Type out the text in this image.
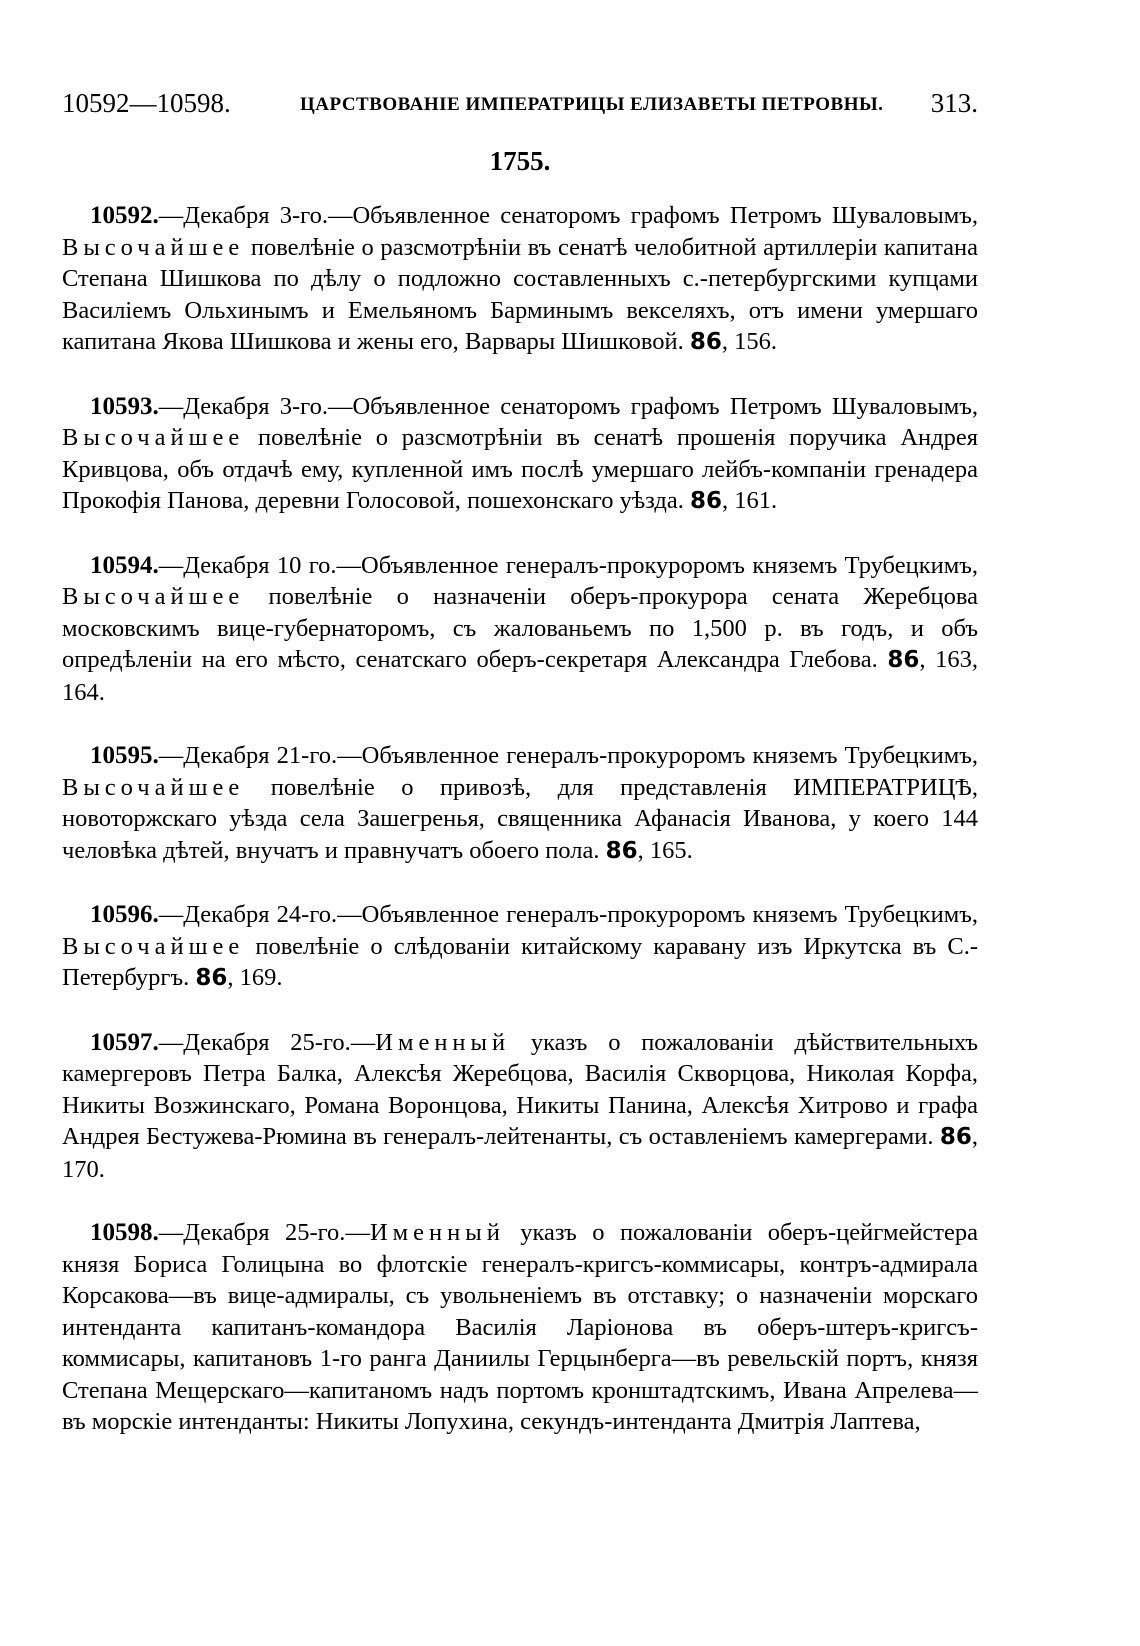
10592—10598.	ЦАРСТВОВАНІЕ ИМПЕРАТРИЦЫ ЕЛИЗАВЕТЫ ПЕТРОВНЫ. 313.
1755.

10592.—Декабря 3-го.—Объявленное сенаторомъ графомъ Петромъ Шуваловымъ, Высочайшее повелѣніе о разсмотрѣніи въ сенатѣ челобитной артиллеріи капитана Степана Шишкова по дѣлу о подложно составленныхъ с.-петербургскими купцами Василіемъ Ольхинымъ и Емельяномъ Барминымъ векселяхъ, отъ имени умершаго капитана Якова Шишкова и жены его, Варвары Шишковой. 86, 156.

10593.—Декабря 3-го.—Объявленное сенаторомъ графомъ Петромъ Шуваловымъ, Высочайшее повелѣніе о разсмотрѣніи въ сенатѣ прошенія поручика Андрея Кривцова, объ отдачѣ ему, купленной имъ послѣ умершаго лейбъ-компаніи гренадера Прокофія Панова, деревни Голосовой, пошехонскаго уѣзда. 86, 161.

10594.—Декабря 10 го.—Объявленное генералъ-прокуроромъ княземъ Трубецкимъ, Высочайшее повелѣніе о назначеніи оберъ-прокурора сената Жеребцова московскимъ вице-губернаторомъ, съ жалованьемъ по 1,500 р. въ годъ, и объ опредѣленіи на его мѣсто, сенатскаго оберъ-секретаря Александра Глебова. 86, 163, 164.

10595.—Декабря 21-го.—Объявленное генералъ-прокуроромъ княземъ Трубецкимъ, Высочайшее повелѣніе о привозѣ, для представленія ИМПЕРАТРИЦѢ, новоторжскаго уѣзда села Зашегренья, священника Афанасія Иванова, у коего 144 человѣка дѣтей, внучатъ и правнучатъ обоего пола. 86, 165.

10596.—Декабря 24-го.—Объявленное генералъ-прокуроромъ княземъ Трубецкимъ, Высочайшее повелѣніе о слѣдованіи китайскому каравану изъ Иркутска въ С.-Петербургъ. 86, 169.

10597.—Декабря 25-го.—Именный указъ о пожалованіи дѣйствительныхъ камергеровъ Петра Балка, Алексѣя Жеребцова, Василія Скворцова, Николая Корфа, Никиты Возжинскаго, Романа Воронцова, Никиты Панина, Алексѣя Хитрово и графа Андрея Бестужева-Рюмина въ генералъ-лейтенанты, съ оставленіемъ камергерами. 86, 170.

10598.—Декабря 25-го.—Именный указъ о пожалованіи оберъ-цейгмейстера князя Бориса Голицына во флотскіе генералъ-кригсъ-коммисары, контръ-адмирала Корсакова—въ вице-адмиралы, съ увольненіемъ въ отставку; о назначеніи морскаго интенданта капитанъ-командора Василія Ларіонова въ оберъ-штеръ-кригсъ-коммисары, капитановъ 1-го ранга Даниилы Герцынберга—въ ревельскій портъ, князя Степана Мещерскаго—капитаномъ надъ портомъ кронштадтскимъ, Ивана Апрелева—въ морскіе интенданты: Никиты Лопухина, секундъ-интенданта Дмитрія Лаптева,
